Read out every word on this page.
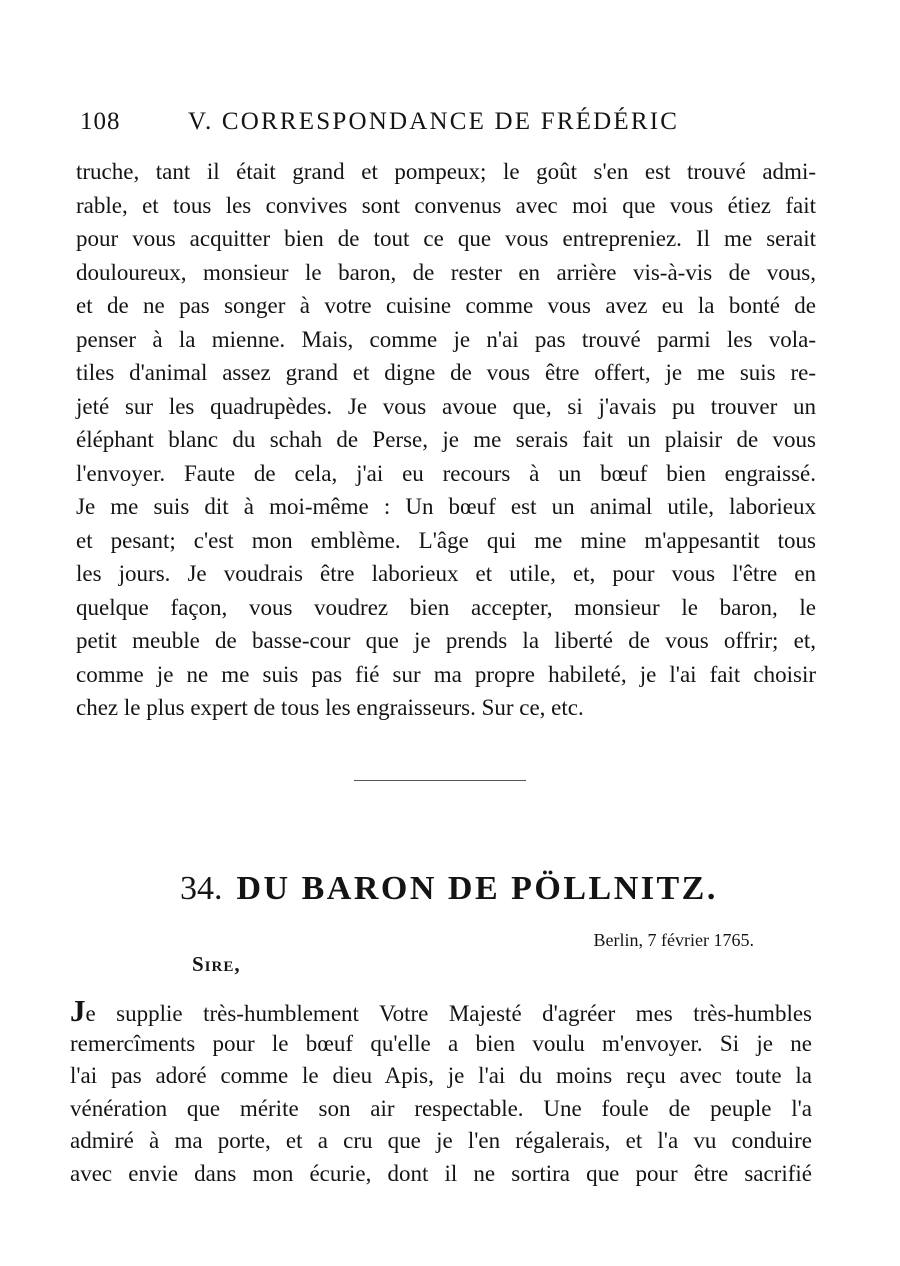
108	V. CORRESPONDANCE DE FRÉDÉRIC
truche, tant il était grand et pompeux; le goût s'en est trouvé admi-
rable, et tous les convives sont convenus avec moi que vous étiez fait
pour vous acquitter bien de tout ce que vous entrepreniez. Il me serait
douloureux, monsieur le baron, de rester en arrière vis-à-vis de vous,
et de ne pas songer à votre cuisine comme vous avez eu la bonté de
penser à la mienne. Mais, comme je n'ai pas trouvé parmi les vola-
tiles d'animal assez grand et digne de vous être offert, je me suis re-
jeté sur les quadrupèdes. Je vous avoue que, si j'avais pu trouver un
éléphant blanc du schah de Perse, je me serais fait un plaisir de vous
l'envoyer. Faute de cela, j'ai eu recours à un bœuf bien engraissé.
Je me suis dit à moi-même : Un bœuf est un animal utile, laborieux
et pesant; c'est mon emblème. L'âge qui me mine m'appesantit tous
les jours. Je voudrais être laborieux et utile, et, pour vous l'être en
quelque façon, vous voudrez bien accepter, monsieur le baron, le
petit meuble de basse-cour que je prends la liberté de vous offrir; et,
comme je ne me suis pas fié sur ma propre habileté, je l'ai fait choisir
chez le plus expert de tous les engraisseurs. Sur ce, etc.
34. DU BARON DE PÖLLNITZ.
Berlin, 7 février 1765.
Sire,
Je supplie très-humblement Votre Majesté d'agréer mes très-humbles
remercîments pour le bœuf qu'elle a bien voulu m'envoyer. Si je ne
l'ai pas adoré comme le dieu Apis, je l'ai du moins reçu avec toute la
vénération que mérite son air respectable. Une foule de peuple l'a
admiré à ma porte, et a cru que je l'en régalerais, et l'a vu conduire
avec envie dans mon écurie, dont il ne sortira que pour être sacrifié
